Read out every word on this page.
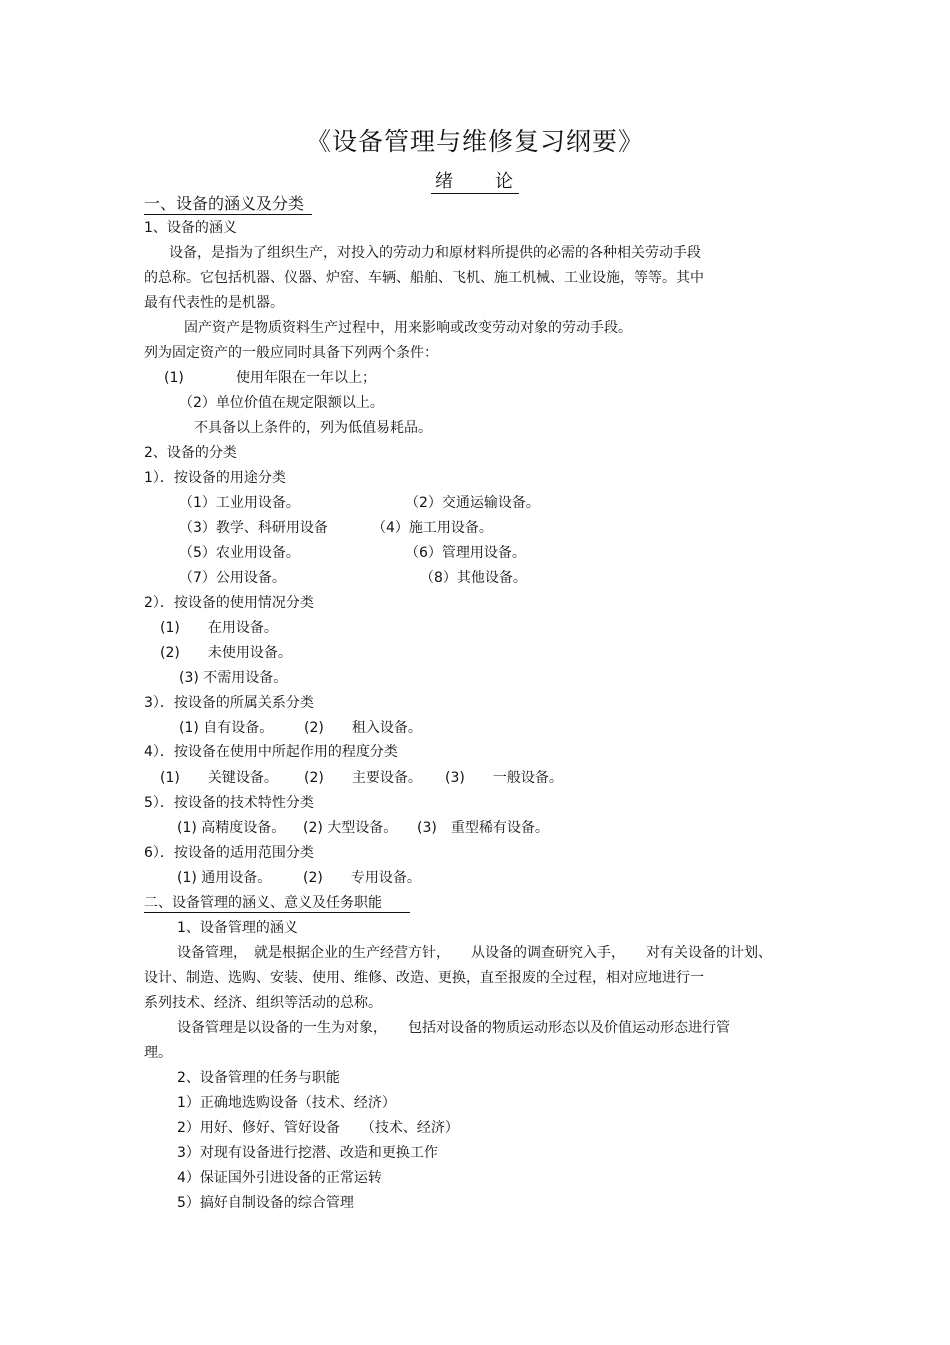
《设备管理与维修复习纲要》
绪　　论
一、设备的涵义及分类
1、设备的涵义
设备，是指为了组织生产，对投入的劳动力和原材料所提供的必需的各种相关劳动手段
的总称。它包括机器、仪器、炉窑、车辆、船舶、飞机、施工机械、工业设施，等等。其中
最有代表性的是机器。
固产资产是物质资料生产过程中，用来影响或改变劳动对象的劳动手段。
列为固定资产的一般应同时具备下列两个条件：
(1)	使用年限在一年以上；
（2）单位价值在规定限额以上。
不具备以上条件的，列为低值易耗品。
2、设备的分类
1）．按设备的用途分类
（1）工业用设备。	（2）交通运输设备。
（3）教学、科研用设备	（4）施工用设备。
（5）农业用设备。	（6）管理用设备。
（7）公用设备。	（8）其他设备。
2）．按设备的使用情况分类
(1)　　在用设备。
(2)　　未使用设备。
(3) 不需用设备。
3）．按设备的所属关系分类
(1) 自有设备。 (2)　　租入设备。
4）．按设备在使用中所起作用的程度分类
(1)　　关键设备。 (2)　　主要设备。 (3)　　一般设备。
5）．按设备的技术特性分类
(1) 高精度设备。 (2) 大型设备。 (3)　重型稀有设备。
6）．按设备的适用范围分类
(1) 通用设备。 (2)　　专用设备。
二、设备管理的涵义、意义及任务职能
1、设备管理的涵义
设备管理，　就是根据企业的生产经营方针，　　从设备的调查研究入手，　　对有关设备的计划、
设计、制造、选购、安装、使用、维修、改造、更换，直至报废的全过程，相对应地进行一
系列技术、经济、组织等活动的总称。
设备管理是以设备的一生为对象，　　包括对设备的物质运动形态以及价值运动形态进行管
理。
2、设备管理的任务与职能
1）正确地选购设备（技术、经济）
2）用好、修好、管好设备　　（技术、经济）
3）对现有设备进行挖潜、改造和更换工作
4）保证国外引进设备的正常运转
5）搞好自制设备的综合管理
